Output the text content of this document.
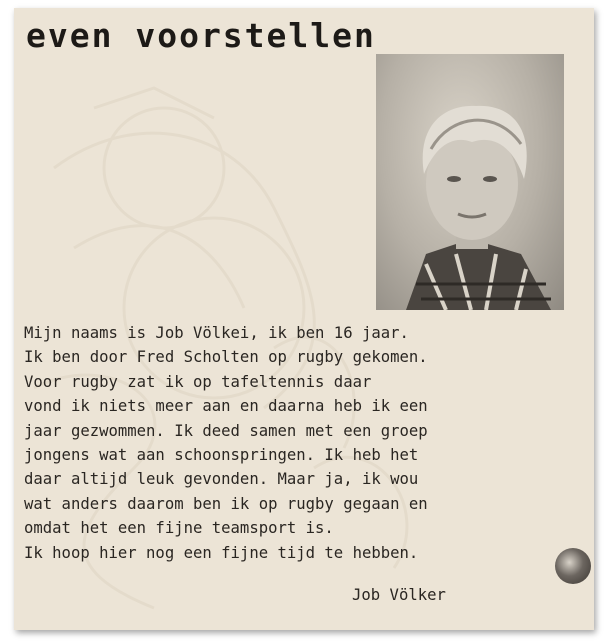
even voorstellen
Mijn naams is Job Völkei, ik ben 16 jaar.
Ik ben door Fred Scholten op rugby gekomen.
Voor rugby zat ik op tafeltennis daar
vond ik niets meer aan en daarna heb ik een
jaar gezwommen. Ik deed samen met een groep
jongens wat aan schoonspringen. Ik heb het
daar altijd leuk gevonden. Maar ja, ik wou
wat anders daarom ben ik op rugby gegaan en
omdat het een fijne teamsport is.
Ik hoop hier nog een fijne tijd te hebben.
Job Völker
